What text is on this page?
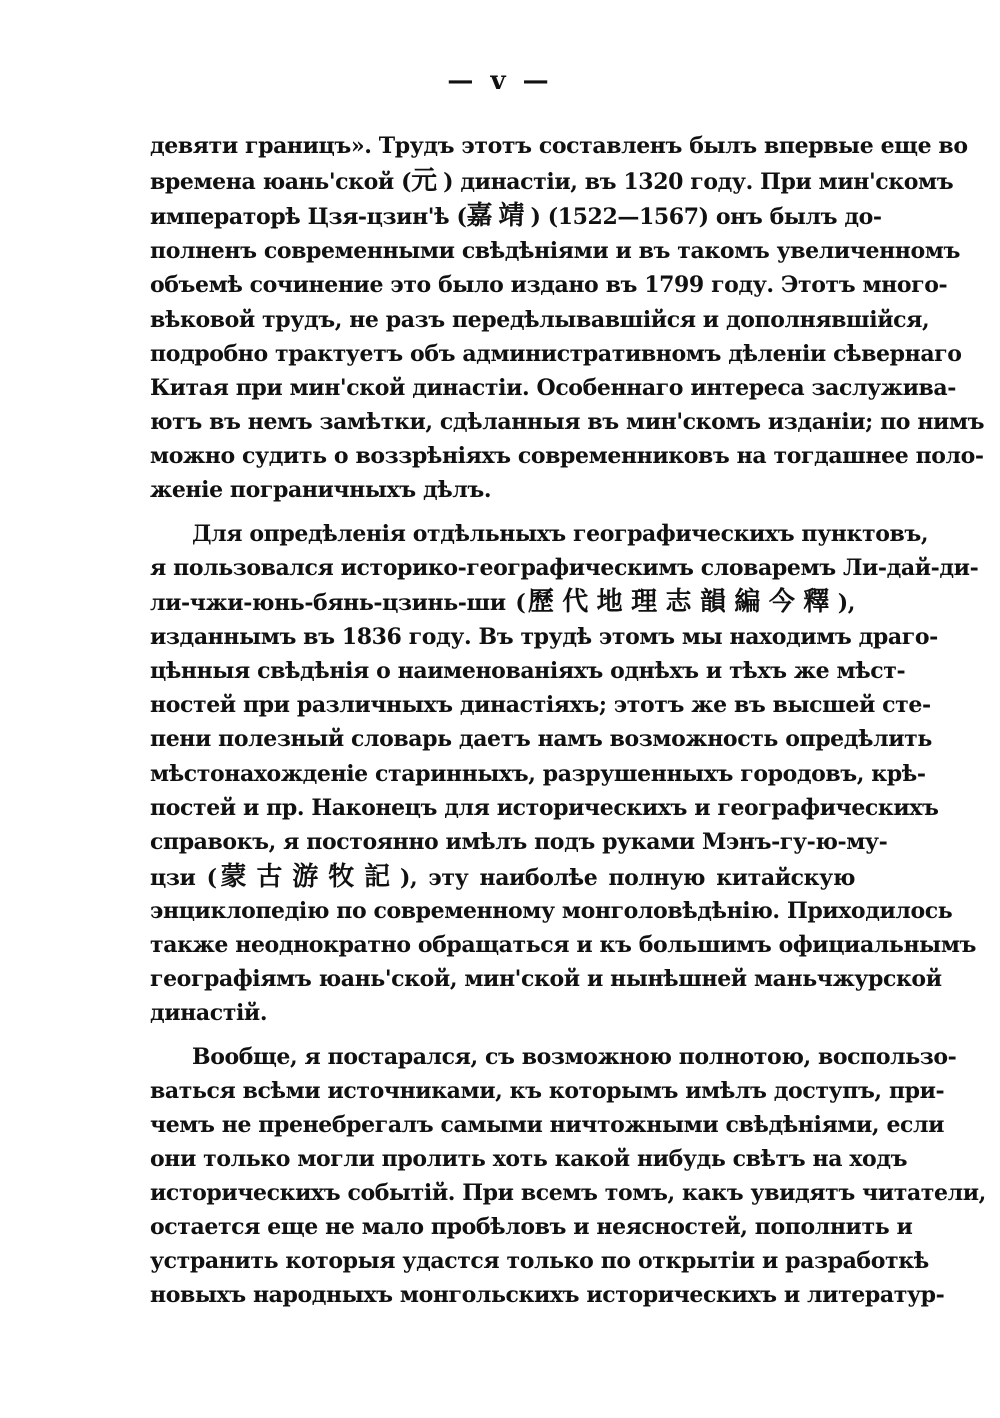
— v —
девяти границъ». Трудъ этотъ составленъ былъ впервые еще во
времена юань'ской (元) династіи, въ 1320 году. При мин'скомъ
императорѣ Цзя-цзин'ѣ (嘉靖) (1522—1567) онъ былъ до-
полненъ современными свѣдѣніями и въ такомъ увеличенномъ
объемѣ сочинение это было издано въ 1799 году. Этотъ много-
вѣковой трудъ, не разъ передѣлывавшійся и дополнявшійся,
подробно трактуетъ объ административномъ дѣленіи сѣвернаго
Китая при мин'ской династіи. Особеннаго интереса заслуживa-
ютъ въ немъ замѣтки, сдѣланныя въ мин'скомъ изданіи; по нимъ
можно судить о воззрѣніяхъ современниковъ на тогдашнее поло-
женіе пограничныхъ дѣлъ.
Для опредѣленія отдѣльныхъ географическихъ пунктовъ,
я пользовался историко-географическимъ словаремъ Ли-дай-ди-
ли-чжи-юнь-бянь-цзинь-ши (歷代地理志韻編今釋),
изданнымъ въ 1836 году. Въ трудѣ этомъ мы находимъ драго-
цѣнныя свѣдѣнія о наименованіяхъ однѣхъ и тѣхъ же мѣст-
ностей при различныхъ династіяхъ; этотъ же въ высшей сте-
пени полезный словарь даетъ намъ возможность опредѣлить
мѣстонахожденіе старинныхъ, разрушенныхъ городовъ, крѣ-
постей и пр. Наконецъ для историческихъ и географическихъ
справокъ, я постоянно имѣлъ подъ руками Мэнъ-гу-ю-му-
цзи (蒙古游牧記), эту наиболѣе полную китайскую
энциклопедію по современному монголовѣдѣнію. Приходилось
также неоднократно обращаться и къ большимъ официальнымъ
географіямъ юань'ской, мин'ской и нынѣшней маньчжурской
династій.
Вообще, я постарался, съ возможною полнотою, воспользо-
ваться всѣми источниками, къ которымъ имѣлъ доступъ, при-
чемъ не пренебрегалъ самыми ничтожными свѣдѣніями, если
они только могли пролить хоть какой нибудь свѣтъ на ходъ
историческихъ событій. При всемъ томъ, какъ увидятъ читатели,
остается еще не мало пробѣловъ и неясностей, пополнить и
устранить которыя удастся только по открытіи и разработкѣ
новыхъ народныхъ монгольскихъ историческихъ и литератур-
